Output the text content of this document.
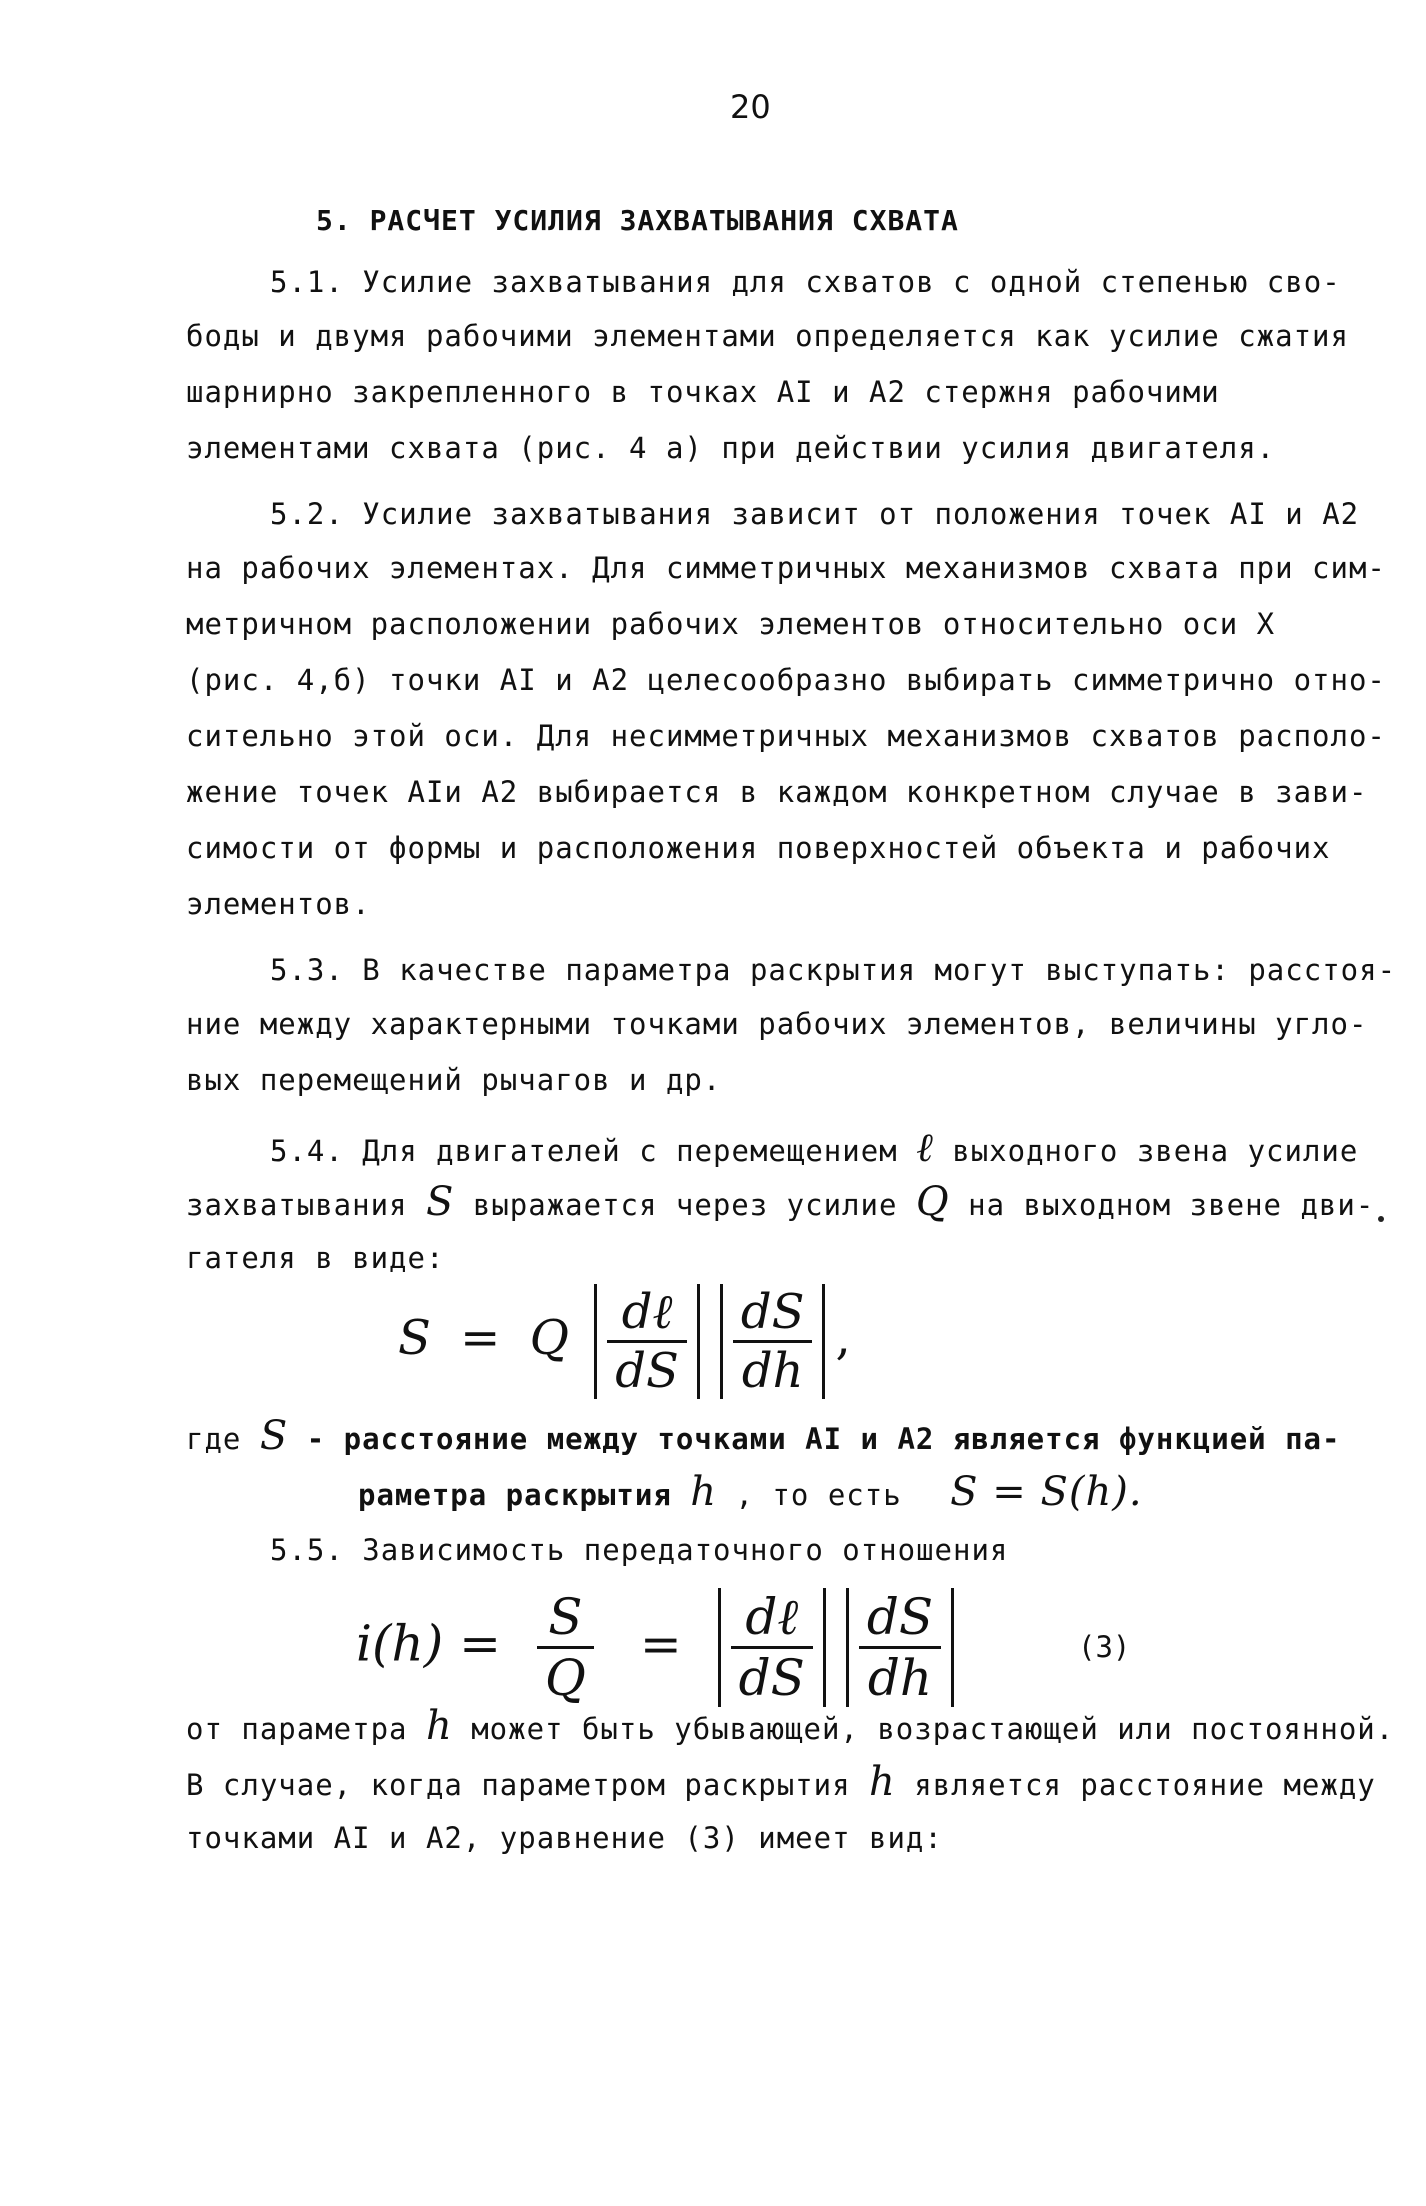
20
5. РАСЧЕТ УСИЛИЯ ЗАХВАТЫВАНИЯ СХВАТА
5.1. Усилие захватывания для схватов с одной степенью сво-
боды и двумя рабочими элементами определяется как усилие сжатия
шарнирно закрепленного в точках AI и A2 стержня рабочими
элементами схвата (рис. 4 а) при действии усилия двигателя.
5.2. Усилие захватывания зависит от положения точек AI и A2
на рабочих элементах. Для симметричных механизмов схвата при сим-
метричном расположении рабочих элементов относительно оси X
(рис. 4,б) точки AI и A2 целесообразно выбирать симметрично отно-
сительно этой оси. Для несимметричных механизмов схватов располо-
жение точек AIи A2 выбирается в каждом конкретном случае в зави-
симости от формы и расположения поверхностей объекта и рабочих
элементов.
5.3. В качестве параметра раскрытия могут выступать: расстоя-
ние между характерными точками рабочих элементов, величины угло-
вых перемещений рычагов и др.
5.4. Для двигателей с перемещением ℓ выходного звена усилие
захватывания S выражается через усилие Q на выходном звене дви-
гателя в виде:
S = Q $\frac{\text{dℓ}}{dS} \frac{dS}{dh}$ ,
где S - расстояние между точками AI и A2 является функцией па-
раметра раскрытия h , то есть S = S(h).
5.5. Зависимость передаточного отношения
$i(h) = \frac{S}{Q} = \frac{\text{dℓ}}{dS} \frac{dS}{dh}$	(3)
от параметра h может быть убывающей, возрастающей или постоянной.
В случае, когда параметром раскрытия h является расстояние между
точками AI и A2, уравнение (3) имеет вид:
